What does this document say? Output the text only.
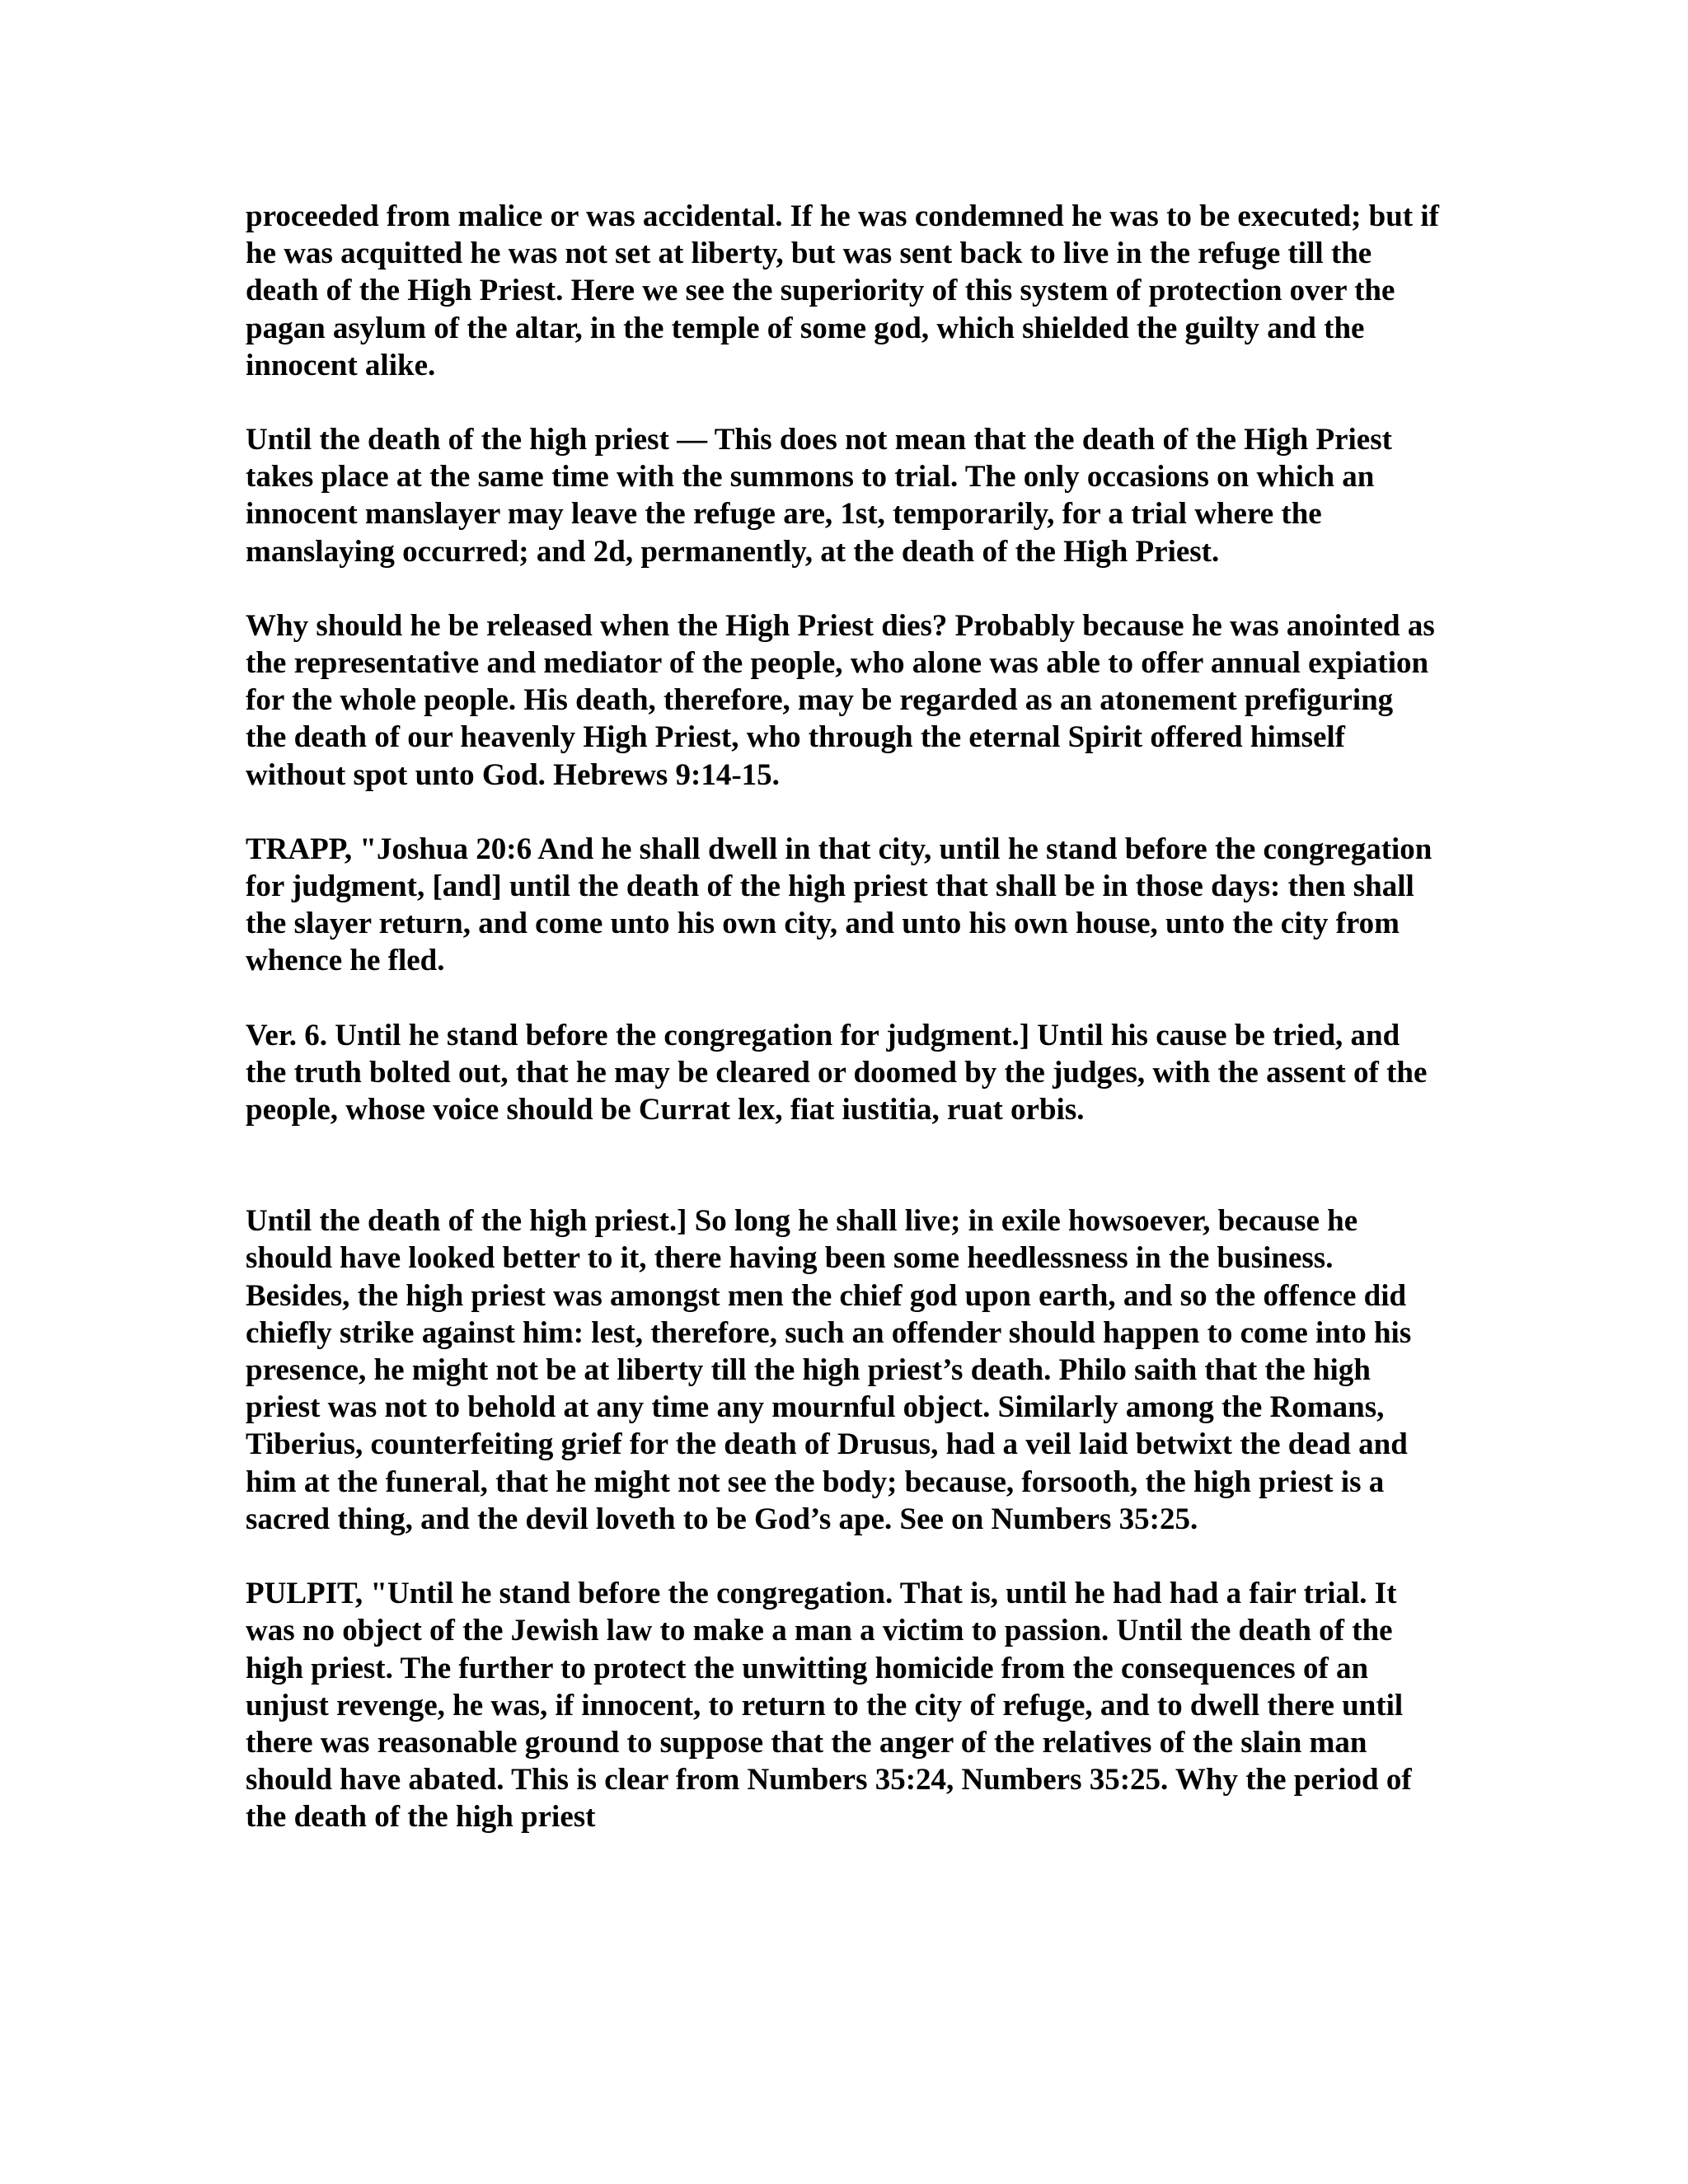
proceeded from malice or was accidental. If he was condemned he was to be executed; but if he was acquitted he was not set at liberty, but was sent back to live in the refuge till the death of the High Priest. Here we see the superiority of this system of protection over the pagan asylum of the altar, in the temple of some god, which shielded the guilty and the innocent alike.

Until the death of the high priest — This does not mean that the death of the High Priest takes place at the same time with the summons to trial. The only occasions on which an innocent manslayer may leave the refuge are, 1st, temporarily, for a trial where the manslaying occurred; and 2d, permanently, at the death of the High Priest.

Why should he be released when the High Priest dies? Probably because he was anointed as the representative and mediator of the people, who alone was able to offer annual expiation for the whole people. His death, therefore, may be regarded as an atonement prefiguring the death of our heavenly High Priest, who through the eternal Spirit offered himself without spot unto God. Hebrews 9:14-15.

TRAPP, "Joshua 20:6 And he shall dwell in that city, until he stand before the congregation for judgment, [and] until the death of the high priest that shall be in those days: then shall the slayer return, and come unto his own city, and unto his own house, unto the city from whence he fled.

Ver. 6. Until he stand before the congregation for judgment.] Until his cause be tried, and the truth bolted out, that he may be cleared or doomed by the judges, with the assent of the people, whose voice should be Currat lex, fiat iustitia, ruat orbis.

Until the death of the high priest.] So long he shall live; in exile howsoever, because he should have looked better to it, there having been some heedlessness in the business. Besides, the high priest was amongst men the chief god upon earth, and so the offence did chiefly strike against him: lest, therefore, such an offender should happen to come into his presence, he might not be at liberty till the high priest’s death. Philo saith that the high priest was not to behold at any time any mournful object. Similarly among the Romans, Tiberius, counterfeiting grief for the death of Drusus, had a veil laid betwixt the dead and him at the funeral, that he might not see the body; because, forsooth, the high priest is a sacred thing, and the devil loveth to be God’s ape. See on Numbers 35:25.

PULPIT, "Until he stand before the congregation. That is, until he had had a fair trial. It was no object of the Jewish law to make a man a victim to passion. Until the death of the high priest. The further to protect the unwitting homicide from the consequences of an unjust revenge, he was, if innocent, to return to the city of refuge, and to dwell there until there was reasonable ground to suppose that the anger of the relatives of the slain man should have abated. This is clear from Numbers 35:24, Numbers 35:25. Why the period of the death of the high priest
